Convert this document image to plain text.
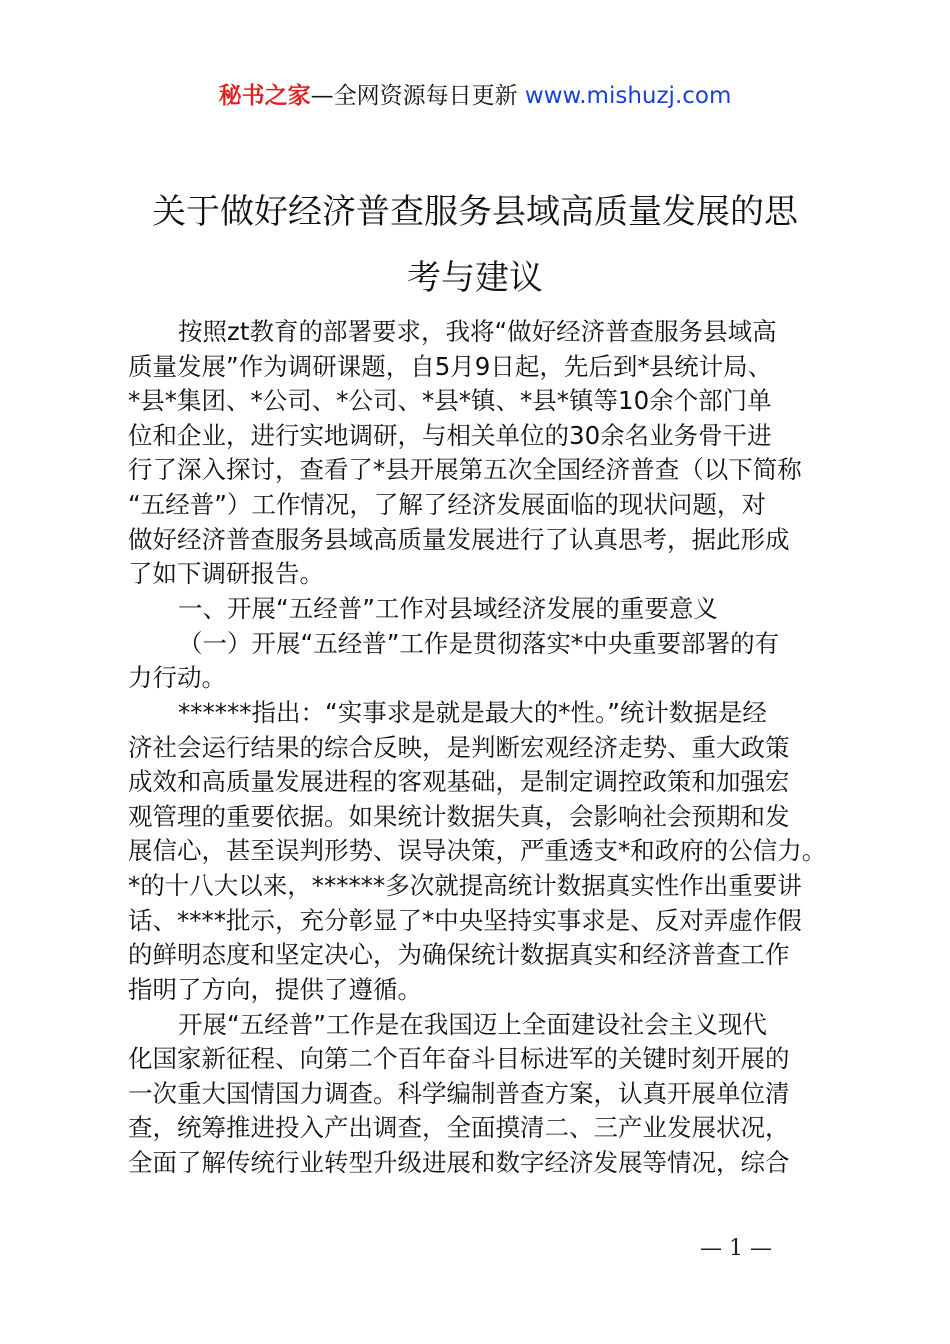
秘书之家—全网资源每日更新 www.mishuzj.com
关于做好经济普查服务县域高质量发展的思
考与建议
按照zt教育的部署要求，我将“做好经济普查服务县域高
质量发展”作为调研课题，自5月9日起，先后到*县统计局、
*县*集团、*公司、*公司、*县*镇、*县*镇等10余个部门单
位和企业，进行实地调研，与相关单位的30余名业务骨干进
行了深入探讨，查看了*县开展第五次全国经济普查（以下简称
“五经普”）工作情况，了解了经济发展面临的现状问题，对
做好经济普查服务县域高质量发展进行了认真思考，据此形成
了如下调研报告。
一、开展“五经普”工作对县域经济发展的重要意义
（一）开展“五经普”工作是贯彻落实*中央重要部署的有
力行动。
******指出：“实事求是就是最大的*性。”统计数据是经
济社会运行结果的综合反映，是判断宏观经济走势、重大政策
成效和高质量发展进程的客观基础，是制定调控政策和加强宏
观管理的重要依据。如果统计数据失真，会影响社会预期和发
展信心，甚至误判形势、误导决策，严重透支*和政府的公信力。
*的十八大以来，******多次就提高统计数据真实性作出重要讲
话、****批示，充分彰显了*中央坚持实事求是、反对弄虚作假
的鲜明态度和坚定决心，为确保统计数据真实和经济普查工作
指明了方向，提供了遵循。
开展“五经普”工作是在我国迈上全面建设社会主义现代
化国家新征程、向第二个百年奋斗目标进军的关键时刻开展的
一次重大国情国力调查。科学编制普查方案，认真开展单位清
查，统筹推进投入产出调查，全面摸清二、三产业发展状况，
全面了解传统行业转型升级进展和数字经济发展等情况，综合
— 1 —
